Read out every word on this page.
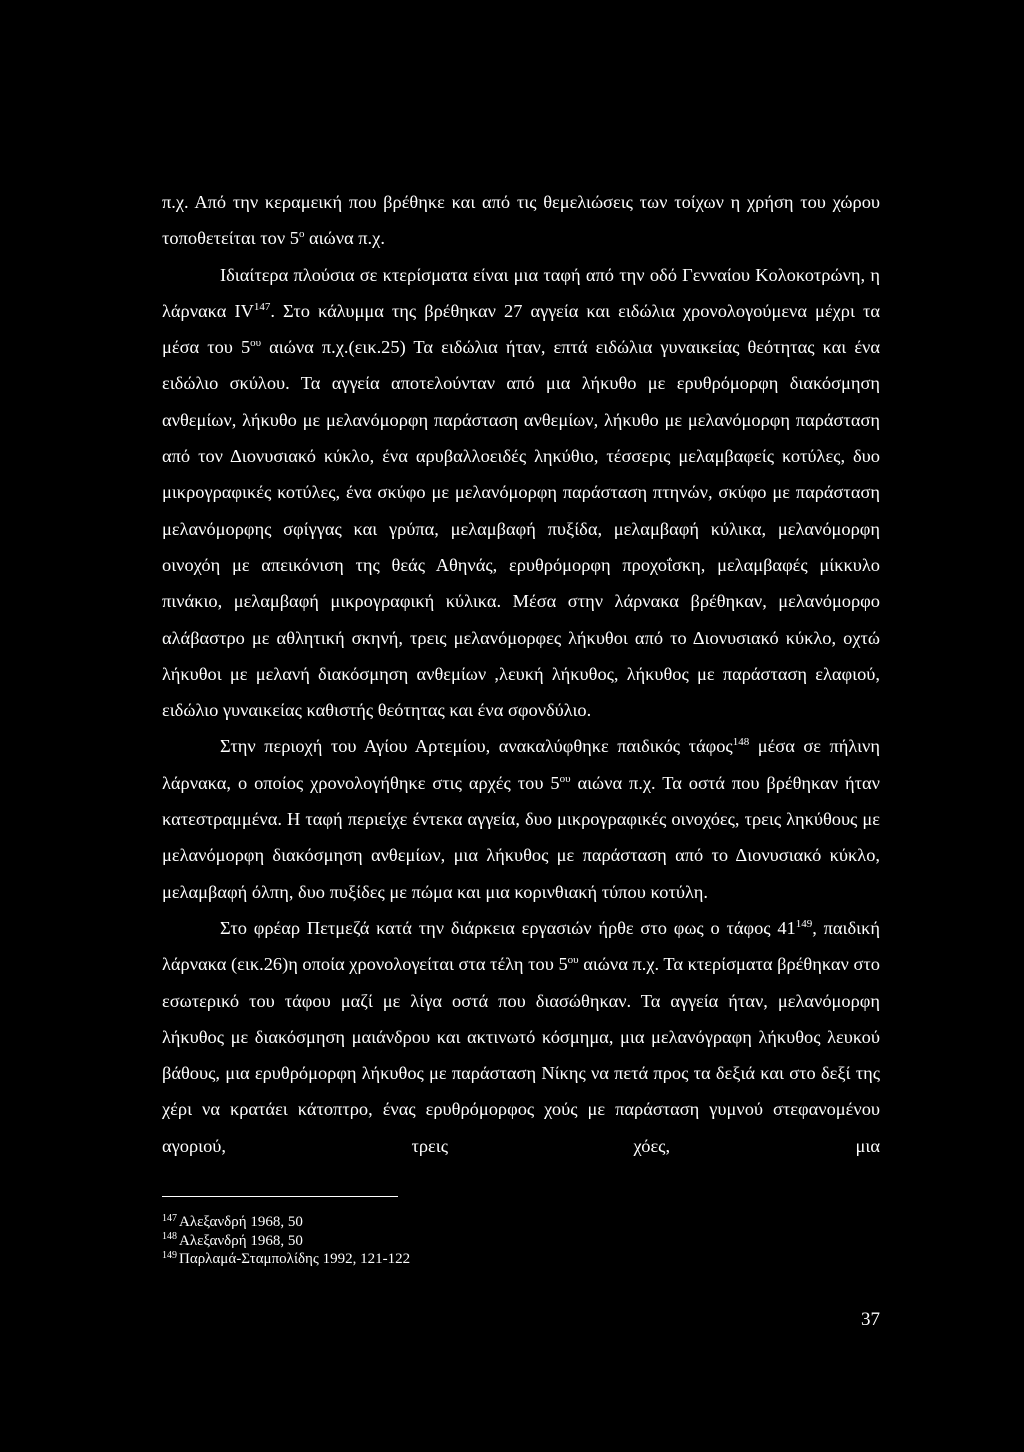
π.χ. Από την κεραμεική που βρέθηκε και από τις θεμελιώσεις των τοίχων η χρήση του χώρου τοποθετείται τον $5^o$ αιώνα π.χ.

Ιδιαίτερα πλούσια σε κτερίσματα είναι μια ταφή από την οδό Γενναίου Κολοκοτρώνη, η λάρνακα IV$^{147}$. Στο κάλυμμα της βρέθηκαν 27 αγγεία και ειδώλια χρονολογούμενα μέχρι τα μέσα του $5^{o\upsilon}$ αιώνα π.χ.(εικ.25) Τα ειδώλια ήταν, επτά ειδώλια γυναικείας θεότητας και ένα ειδώλιο σκύλου. Τα αγγεία αποτελούνταν από μια λήκυθο με ερυθρόμορφη διακόσμηση ανθεμίων, λήκυθο με μελανόμορφη παράσταση ανθεμίων, λήκυθο με μελανόμορφη παράσταση από τον Διονυσιακό κύκλο, ένα αρυβαλλοειδές ληκύθιο, τέσσερις μελαμβαφείς κοτύλες, δυο μικρογραφικές κοτύλες, ένα σκύφο με μελανόμορφη παράσταση πτηνών, σκύφο με παράσταση μελανόμορφης σφίγγας και γρύπα, μελαμβαφή πυξίδα, μελαμβαφή κύλικα, μελανόμορφη οινοχόη με απεικόνιση της θεάς Αθηνάς, ερυθρόμορφη προχοΐσκη, μελαμβαφές μίκκυλο πινάκιο, μελαμβαφή μικρογραφική κύλικα. Μέσα στην λάρνακα βρέθηκαν, μελανόμορφο αλάβαστρο με αθλητική σκηνή, τρεις μελανόμορφες λήκυθοι από το Διονυσιακό κύκλο, οχτώ λήκυθοι με μελανή διακόσμηση ανθεμίων ,λευκή λήκυθος, λήκυθος με παράσταση ελαφιού, ειδώλιο γυναικείας καθιστής θεότητας και ένα σφονδύλιο.

Στην περιοχή του Αγίου Αρτεμίου, ανακαλύφθηκε παιδικός τάφος$^{148}$ μέσα σε πήλινη λάρνακα, ο οποίος χρονολογήθηκε στις αρχές του $5^{o\upsilon}$ αιώνα π.χ. Τα οστά που βρέθηκαν ήταν κατεστραμμένα. Η ταφή περιείχε έντεκα αγγεία, δυο μικρογραφικές οινοχόες, τρεις ληκύθους με μελανόμορφη διακόσμηση ανθεμίων, μια λήκυθος με παράσταση από το Διονυσιακό κύκλο, μελαμβαφή όλπη, δυο πυξίδες με πώμα και μια κορινθιακή τύπου κοτύλη.

Στο φρέαρ Πετμεζά κατά την διάρκεια εργασιών ήρθε στο φως ο τάφος $41^{149}$, παιδική λάρνακα (εικ.26)η οποία χρονολογείται στα τέλη του $5^{o\upsilon}$ αιώνα π.χ. Τα κτερίσματα βρέθηκαν στο εσωτερικό του τάφου μαζί με λίγα οστά που διασώθηκαν. Τα αγγεία ήταν, μελανόμορφη λήκυθος με διακόσμηση μαιάνδρου και ακτινωτό κόσμημα, μια μελανόγραφη λήκυθος λευκού βάθους, μια ερυθρόμορφη λήκυθος με παράσταση Νίκης να πετά προς τα δεξιά και στο δεξί της χέρι να κρατάει κάτοπτρο, ένας ερυθρόμορφος χούς με παράσταση γυμνού στεφανομένου αγοριού, τρεις χόες, μια

$^{147}$ Αλεξανδρή 1968, 50

$^{148}$ Αλεξανδρή 1968, 50

$^{149}$ Παρλαμά-Σταμπολίδης 1992, 121-122

37
